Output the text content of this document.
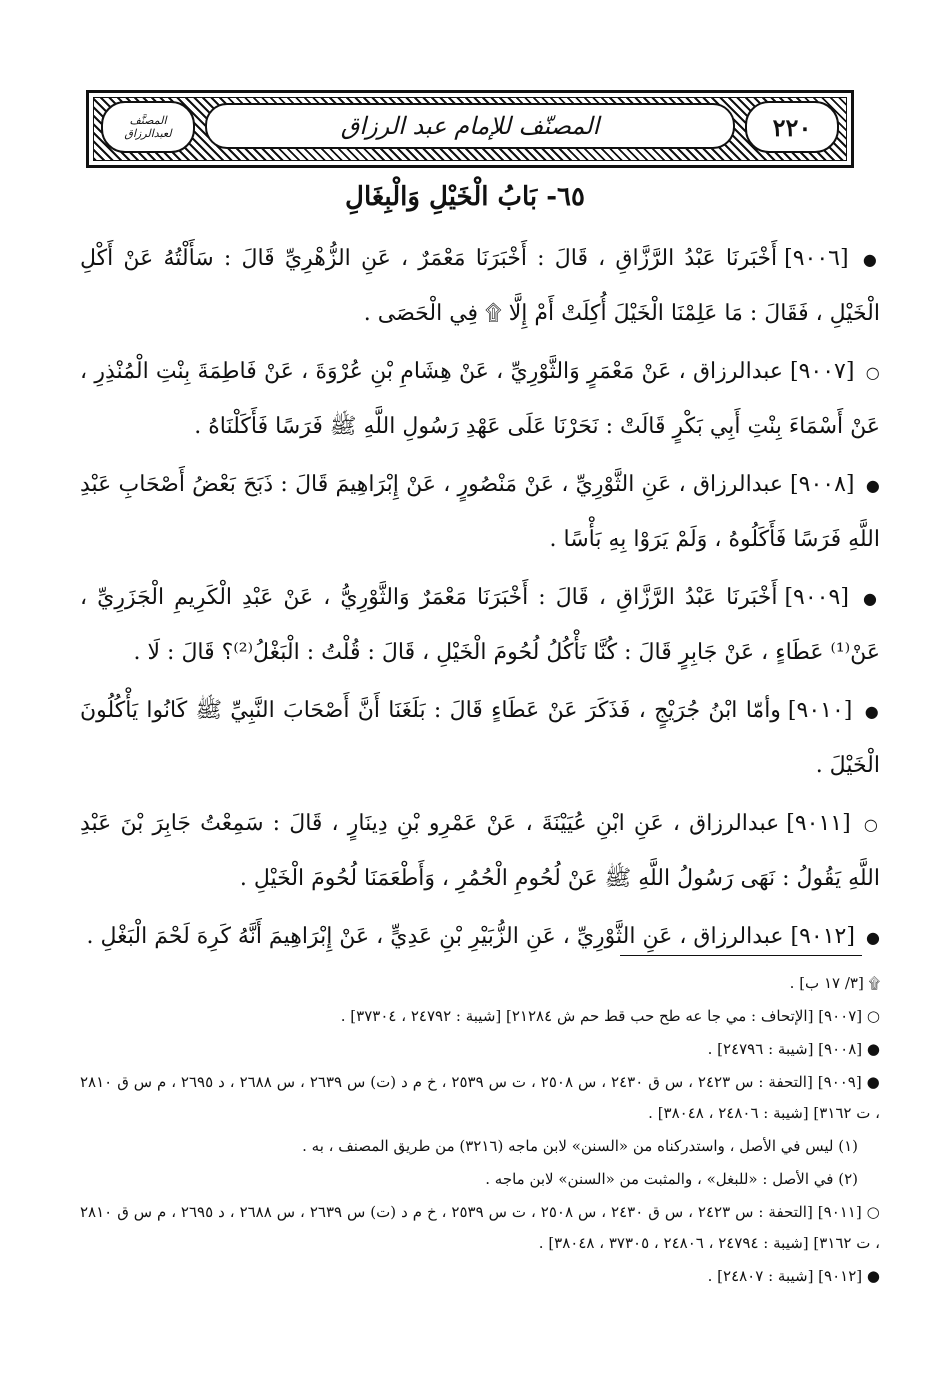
المصنّف للإمام عبد الرزاق	٢٢٠
المصنَّف
لعبدالرزاق
٦٥- بَابُ الْخَيْلِ وَالْبِغَالِ

● [٩٠٠٦] أَخْبَرنَا عَبْدُ الرَّزَّاقِ ، قَالَ : أَخْبَرَنَا مَعْمَرٌ ، عَنِ الزُّهْرِيِّ قَالَ : سَأَلْتُهُ عَنْ أَكْلِ الْخَيْلِ ، فَقَالَ : مَا عَلِمْنَا الْخَيْلَ أُكِلَتْ أَمْ إِلَّا ۩ فِي الْحَصَى .

○ [٩٠٠٧] عبدالرزاق ، عَنْ مَعْمَرٍ وَالثَّوْرِيِّ ، عَنْ هِشَامِ بْنِ عُرْوَةَ ، عَنْ فَاطِمَةَ بِنْتِ الْمُنْذِرِ ، عَنْ أَسْمَاءَ بِنْتِ أَبِي بَكْرٍ قَالَتْ : نَحَرْنَا عَلَى عَهْدِ رَسُولِ اللَّهِ ﷺ فَرَسًا فَأَكَلْنَاهُ .

● [٩٠٠٨] عبدالرزاق ، عَنِ الثَّوْرِيِّ ، عَنْ مَنْصُورٍ ، عَنْ إِبْرَاهِيمَ قَالَ : ذَبَحَ بَعْضُ أَصْحَابِ عَبْدِ اللَّهِ فَرَسًا فَأَكَلُوهُ ، وَلَمْ يَرَوْا بِهِ بَأْسًا .

● [٩٠٠٩] أَخْبَرنَا عَبْدُ الرَّزَّاقِ ، قَالَ : أَخْبَرَنَا مَعْمَرٌ وَالثَّوْرِيُّ ، عَنْ عَبْدِ الْكَرِيمِ الْجَزَرِيِّ ، عَنْ⁽¹⁾ عَطَاءٍ ، عَنْ جَابِرٍ قَالَ : كُنَّا نَأْكُلُ لُحُومَ الْخَيْلِ ، قَالَ : قُلْتُ : الْبَغْلُ⁽²⁾؟ قَالَ : لَا .

● [٩٠١٠] وأمّا ابْنُ جُرَيْجٍ ، فَذَكَرَ عَنْ عَطَاءٍ قَالَ : بَلَغَنَا أَنَّ أَصْحَابَ النَّبِيِّ ﷺ كَانُوا يَأْكُلُونَ الْخَيْلَ .

○ [٩٠١١] عبدالرزاق ، عَنِ ابْنِ عُيَيْنَةَ ، عَنْ عَمْرِو بْنِ دِينَارٍ ، قَالَ : سَمِعْتُ جَابِرَ بْنَ عَبْدِ اللَّهِ يَقُولُ : نَهَى رَسُولُ اللَّهِ ﷺ عَنْ لُحُومِ الْحُمُرِ ، وَأَطْعَمَنَا لُحُومَ الْخَيْلِ .

● [٩٠١٢] عبدالرزاق ، عَنِ الثَّوْرِيِّ ، عَنِ الزُّبَيْرِ بْنِ عَدِيٍّ ، عَنْ إِبْرَاهِيمَ أَنَّهُ كَرِهَ لَحْمَ الْبَغْلِ .

۩ [٣/ ١٧ ب] .

○ [٩٠٠٧] [الإتحاف : مي جا عه طح حب قط حم ش ٢١٢٨٤] [شيبة : ٢٤٧٩٢ ، ٣٧٣٠٤] .

● [٩٠٠٨] [شيبة : ٢٤٧٩٦] .

● [٩٠٠٩] [التحفة : س ٢٤٢٣ ، س ق ٢٤٣٠ ، س ٢٥٠٨ ، ت س ٢٥٣٩ ، خ م د (ت) س ٢٦٣٩ ، س ٢٦٨٨ ، د ٢٦٩٥ ، م س ق ٢٨١٠ ، ت ٣١٦٢] [شيبة : ٢٤٨٠٦ ، ٣٨٠٤٨] .

(١) ليس في الأصل ، واستدركناه من «السنن» لابن ماجه (٣٢١٦) من طريق المصنف ، به .

(٢) في الأصل : «للبغل» ، والمثبت من «السنن» لابن ماجه .

○ [٩٠١١] [التحفة : س ٢٤٢٣ ، س ق ٢٤٣٠ ، س ٢٥٠٨ ، ت س ٢٥٣٩ ، خ م د (ت) س ٢٦٣٩ ، س ٢٦٨٨ ، د ٢٦٩٥ ، م س ق ٢٨١٠ ، ت ٣١٦٢] [شيبة : ٢٤٧٩٤ ، ٢٤٨٠٦ ، ٣٧٣٠٥ ، ٣٨٠٤٨] .

● [٩٠١٢] [شيبة : ٢٤٨٠٧] .
